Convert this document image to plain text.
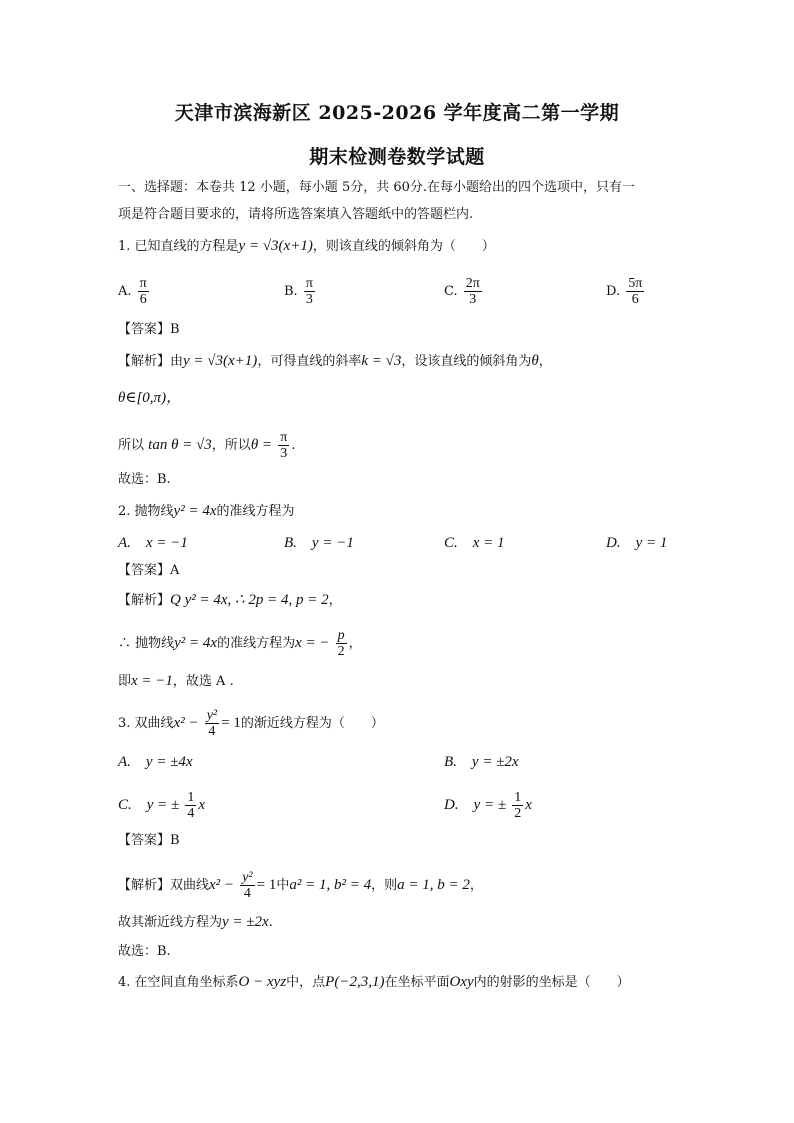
天津市滨海新区 2025-2026 学年度高二第一学期
期末检测卷数学试题
一、选择题：本卷共 12 小题，每小题 5分，共 60分.在每小题给出的四个选项中，只有一
项是符合题目要求的，请将所选答案填入答题纸中的答题栏内.
1. 已知直线的方程是y = √3(x+1)，则该直线的倾斜角为（　　）
A. $\frac{\pi}{6}$	B. $\frac{\pi}{3}$	C. $\frac{2\pi}{3}$	D. $\frac{5\pi}{6}$
【答案】B
【解析】由y = √3(x+1)，可得直线的斜率k = √3，设该直线的倾斜角为θ，
θ∈[0,π)，
所以 tan θ = √3，所以$\theta = \frac{\pi}{3}$ .
故选：B.
2. 抛物线y² = 4x的准线方程为
A.　x = −1	B.　y = −1	C.　x = 1	D.　y = 1
【答案】A
【解析】Q y² = 4x, ∴ 2p = 4, p = 2，
∴ 抛物线y² = 4x的准线方程为x = − $\frac{p}{2}$ ，
即x = −1，故选 A .
3. 双曲线$x^2 - \frac{\text{y²}}{4} = 1$的渐近线方程为（　　）
A.　y = ±4x	B.　y = ±2x
C.　y = ± $\frac{1}{4}$ x	D.　y = ± $\frac{1}{2}$ x
【答案】B
【解析】双曲线$x^2 - \frac{\text{y²}}{4} = 1$中a² = 1, b² = 4，则a = 1, b = 2，
故其渐近线方程为y = ±2x.
故选：B.
4. 在空间直角坐标系O − xyz中，点P(−2,3,1)在坐标平面Oxy内的射影的坐标是（　　）
